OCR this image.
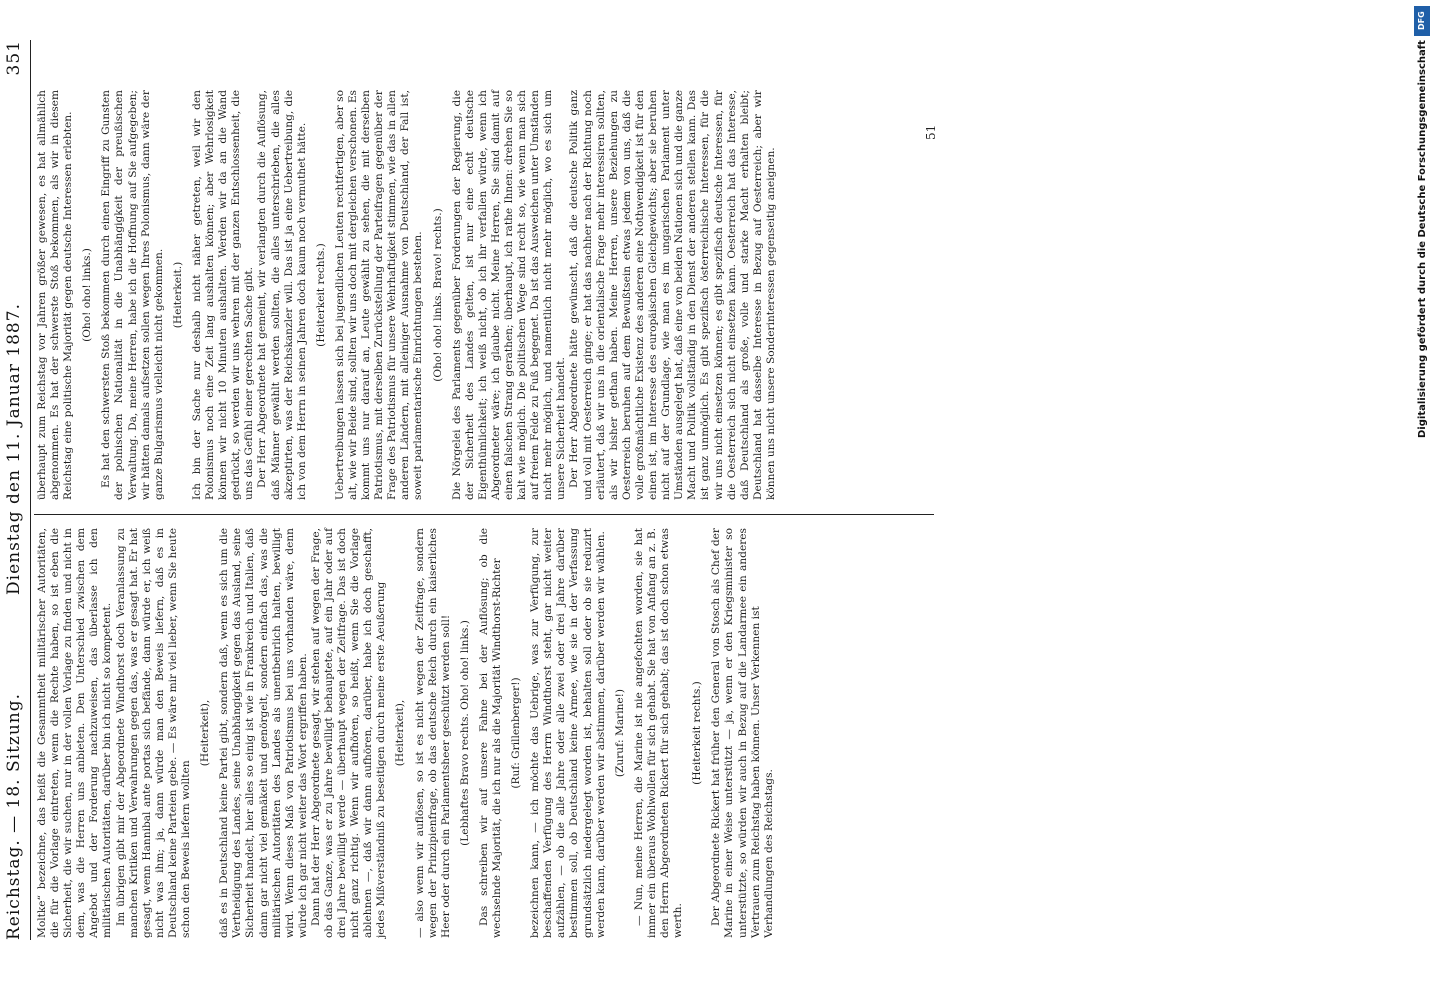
Reichstag. — 18. Sitzung.
Dienstag den 11. Januar 1887.
351

Moltke“ bezeichne, das heißt die Gesammtheit militärischer Autoritäten, die für die Vorlage eintreten, wenn die Rechte haben, so ist eben die Sicherheit, die wir suchen, nur in der vollen Vorlage zu finden und nicht in dem, was die Herren uns anbieten. Den Unterschied zwischen dem Angebot und der Forderung nachzuweisen, das überlasse ich den militärischen Autoritäten, darüber bin ich nicht so kompetent. Im übrigen gibt mir der Abgeordnete Windthorst doch Veranlassung zu manchen Kritiken und Verwahrungen gegen das, was er gesagt hat. Er hat gesagt, wenn Hannibal ante portas sich befände, dann würde er, ich weiß nicht was ihm; ja, dann würde man den Beweis liefern, daß es in Deutschland keine Parteien gebe. — Es wäre mir viel lieber, wenn Sie heute schon den Beweis liefern wollten

(Heiterkeit), daß es in Deutschland keine Partei gibt, sondern daß, wenn es sich um die Vertheidigung des Landes, seine Unabhängigkeit gegen das Ausland, seine Sicherheit handelt, hier alles so einig ist wie in Frankreich und Italien, daß dann gar nicht viel gemäkelt und genörgelt, sondern einfach das, was die militärischen Autoritäten des Landes als unentbehrlich halten, bewilligt wird. Wenn dieses Maß von Patriotismus bei uns vorhanden wäre, denn würde ich gar nicht weiter das Wort ergriffen haben. Dann hat der Herr Abgeordnete gesagt, wir stehen auf wegen der Frage, ob das Ganze, was er zu Jahre bewilligt behauptete, auf ein Jahr oder auf drei Jahre bewilligt werde — überhaupt wegen der Zeitfrage. Das ist doch nicht ganz richtig. Wenn wir aufhören, so heißt, wenn Sie die Vorlage ablehnen —, daß wir dann aufhören, darüber, habe ich doch geschafft, jedes Mißverständniß zu beseitigen durch meine erste Aeußerung (Heiterkeit), — also wenn wir auflösen, so ist es nicht wegen der Zeitfrage, sondern wegen der Prinzipienfrage, ob das deutsche Reich durch ein kaiserliches Heer oder durch ein Parlamentsheer geschützt werden soll! (Lebhaftes Bravo rechts. Oho! oho! links.) Das schreiben wir auf unsere Fahne bei der Auflösung; ob die wechselnde Majorität, die ich nur als die Majorität Windthorst-Richter (Ruf: Grillenberger!) bezeichnen kann, — ich möchte das Uebrige, was zur Verfügung, zur beschaffenden Verfügung des Herrn Windthorst steht, gar nicht weiter aufzählen, — ob die alle Jahre oder alle zwei oder drei Jahre darüber bestimmen soll, ob Deutschland keine Armee, wie sie in der Verfassung grundsätzlich niedergelegt worden ist, behalten soll oder ob sie reduzirt werden kann, darüber werden wir abstimmen, darüber werden wir wählen. (Zuruf: Marine!) — Nun, meine Herren, die Marine ist nie angefochten worden, sie hat immer ein überaus Wohlwollen für sich gehabt. Sie hat von Anfang an z. B. den Herrn Abgeordneten Rickert für sich gehabt; das ist doch schon etwas werth.

(Heiterkeit rechts.) Der Abgeordnete Rickert hat früher den General von Stosch als Chef der Marine in einer Weise unterstützt — ja, wenn er den Kriegsminister so unterstützte, so würden wir auch in Bezug auf die Landarmee ein anderes Vertrauen zum Reichstag haben können. Unser Verkennen ist Verhandlungen des Reichstags.

überhaupt zum Reichstag vor Jahren größer gewesen, es hat allmählich abgenommen. Es hat der schwerste Stoß bekommen, als wir in diesem Reichstag eine politische Majorität gegen deutsche Interessen erlebten. (Oho! oho! links.) Es hat den schwersten Stoß bekommen durch einen Eingriff zu Gunsten der polnischen Nationalität in die Unabhängigkeit der preußischen Verwaltung. Da, meine Herren, habe ich die Hoffnung auf Sie aufgegeben; wir hätten damals aufsetzen sollen wegen Ihres Polonismus, dann wäre der ganze Bulgarismus vielleicht nicht gekommen. (Heiterkeit.) Ich bin der Sache nur deshalb nicht näher getreten, weil wir den Polonismus noch eine Zeit lang aushalten können; aber Wehrlosigkeit können wir nicht 10 Minuten aushalten. Werden wir da an die Wand gedrückt, so werden wir uns wehren mit der ganzen Entschlossenheit, die uns das Gefühl einer gerechten Sache gibt. Der Herr Abgeordnete hat gemeint, wir verlangten durch die Auflösung, daß Männer gewählt werden sollten, die alles unterschrieben, die alles akzeptirten, was der Reichskanzler will. Das ist ja eine Uebertreibung, die ich von dem Herrn in seinen Jahren doch kaum noch vermuthet hätte. (Heiterkeit rechts.) Uebertreibungen lassen sich bei jugendlichen Leuten rechtfertigen, aber so alt, wie wir Beide sind, sollten wir uns doch mit dergleichen verschonen. Es kommt uns nur darauf an, Leute gewählt zu sehen, die mit derselben Patriotismus, mit derselben Zurückstellung der Parteifragen gegenüber der Frage des Patriotismus für unsere Wehrhaftigkeit stimmen, wie das in allen anderen Ländern, mit alleiniger Ausnahme von Deutschland, der Fall ist, soweit parlamentarische Einrichtungen bestehen. (Oho! oho! links. Bravo! rechts.) Die Nörgelei des Parlaments gegenüber Forderungen der Regierung, die der Sicherheit des Landes gelten, ist nur eine echt deutsche Eigenthümlichkeit; ich weiß nicht, ob ich ihr verfallen würde, wenn ich Abgeordneter wäre; ich glaube nicht. Meine Herren, Sie sind damit auf einen falschen Strang gerathen; überhaupt, ich rathe Ihnen: drehen Sie so kalt wie möglich. Die politischen Wege sind recht so, wie wenn man sich auf freiem Felde zu Fuß begegnet. Da ist das Ausweichen unter Umständen nicht mehr möglich, und namentlich nicht mehr möglich, wo es sich um unsere Sicherheit handelt. Der Herr Abgeordnete hätte gewünscht, daß die deutsche Politik ganz und voll mit Oesterreich ginge; er hat das nachher nach der Richtung noch erläutert, daß wir uns in die orientalische Frage mehr interessiren sollten, als wir bisher gethan haben. Meine Herren, unsere Beziehungen zu Oesterreich beruhen auf dem Bewußtsein etwas jedem von uns, daß die volle großmächtliche Existenz des anderen eine Nothwendigkeit ist für den einen ist, im Interesse des europäischen Gleichgewichts; aber sie beruhen nicht auf der Grundlage, wie man es im ungarischen Parlament unter Umständen ausgelegt hat, daß eine von beiden Nationen sich und die ganze Macht und Politik vollständig in den Dienst der anderen stellen kann. Das ist ganz unmöglich. Es gibt spezifisch österreichische Interessen, für die wir uns nicht einsetzen können; es gibt spezifisch deutsche Interessen, für die Oesterreich sich nicht einsetzen kann. Oesterreich hat das Interesse, daß Deutschland als große, volle und starke Macht erhalten bleibt; Deutschland hat dasselbe Interesse in Bezug auf Oesterreich; aber wir können uns nicht unsere Sonderinteressen gegenseitig aneignen.

51
DFG
Digitalisierung gefördert durch die Deutsche Forschungsgemeinschaft
